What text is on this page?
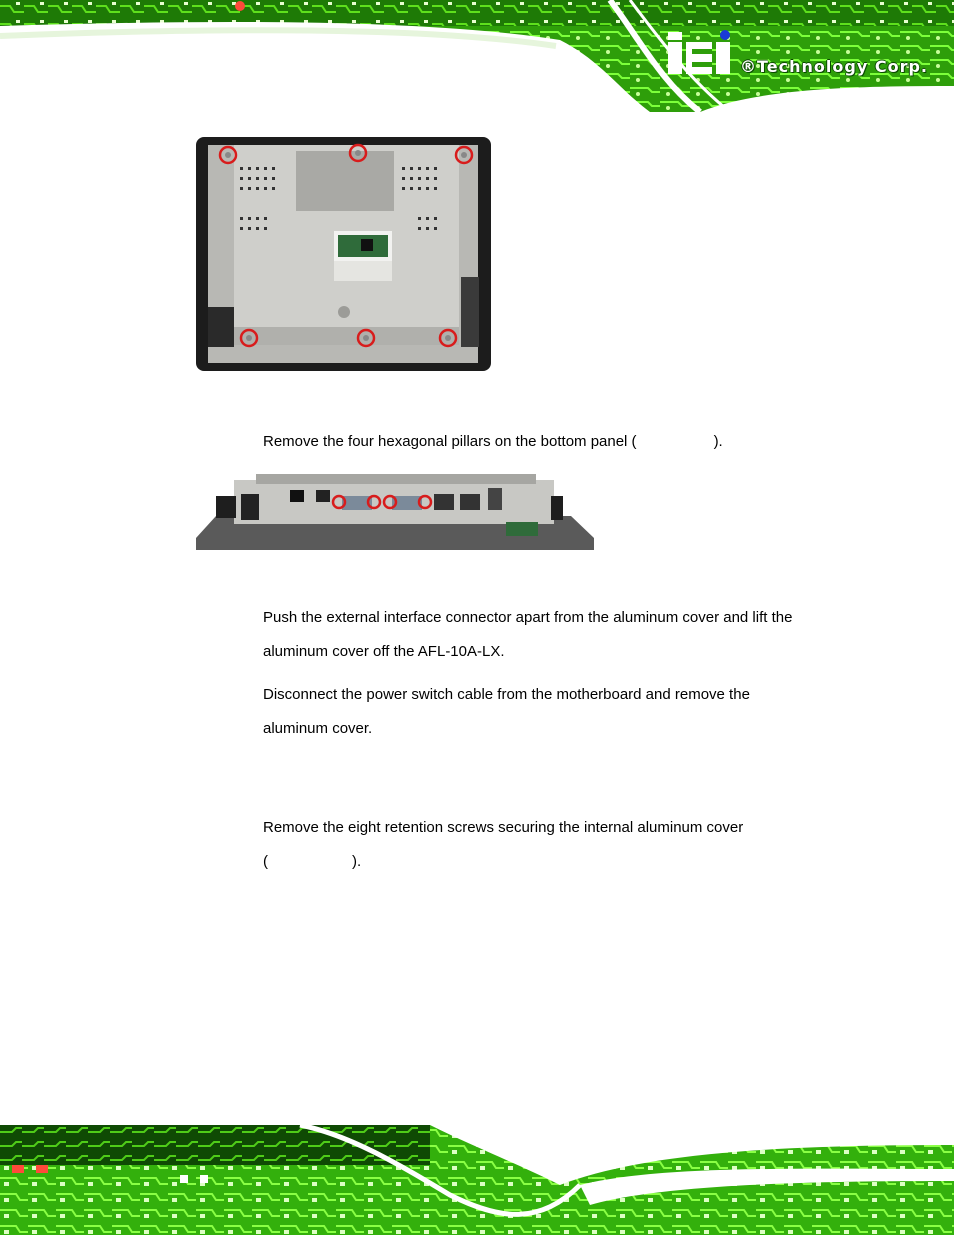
®Technology Corp.
Remove the four hexagonal pillars on the bottom panel (	).
Push the external interface connector apart from the aluminum cover and lift the
aluminum cover off the AFL-10A-LX.
Disconnect the power switch cable from the motherboard and remove the
aluminum cover.
Remove the eight retention screws securing the internal aluminum cover
(	).
